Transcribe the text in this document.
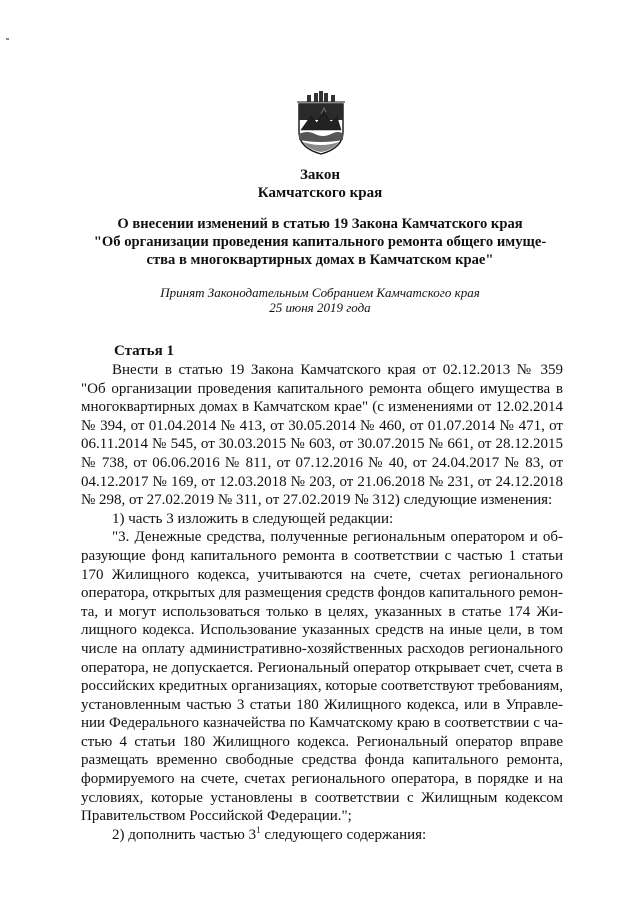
Закон
Камчатского края
О внесении изменений в статью 19 Закона Камчатского края
"Об организации проведения капитального ремонта общего имуще-
ства в многоквартирных домах в Камчатском крае"
Принят Законодательным Собранием Камчатского края
25 июня 2019 года
Статья 1
Внести в статью 19 Закона Камчатского края от 02.12.2013 № 359
"Об организации проведения капитального ремонта общего имущества в
многоквартирных домах в Камчатском крае" (с изменениями от 12.02.2014
№ 394, от 01.04.2014 № 413, от 30.05.2014 № 460, от 01.07.2014 № 471, от
06.11.2014 № 545, от 30.03.2015 № 603, от 30.07.2015 № 661, от 28.12.2015
№ 738, от 06.06.2016 № 811, от 07.12.2016 № 40, от 24.04.2017 № 83, от
04.12.2017 № 169, от 12.03.2018 № 203, от 21.06.2018 № 231, от 24.12.2018
№ 298, от 27.02.2019 № 311, от 27.02.2019 № 312) следующие изменения:
1) часть 3 изложить в следующей редакции:
"3. Денежные средства, полученные региональным оператором и об-
разующие фонд капитального ремонта в соответствии с частью 1 статьи
170 Жилищного кодекса, учитываются на счете, счетах регионального
оператора, открытых для размещения средств фондов капитального ремон-
та, и могут использоваться только в целях, указанных в статье 174 Жи-
лищного кодекса. Использование указанных средств на иные цели, в том
числе на оплату административно-хозяйственных расходов регионального
оператора, не допускается. Региональный оператор открывает счет, счета в
российских кредитных организациях, которые соответствуют требованиям,
установленным частью 3 статьи 180 Жилищного кодекса, или в Управле-
нии Федерального казначейства по Камчатскому краю в соответствии с ча-
стью 4 статьи 180 Жилищного кодекса. Региональный оператор вправе
размещать временно свободные средства фонда капитального ремонта,
формируемого на счете, счетах регионального оператора, в порядке и на
условиях, которые установлены в соответствии с Жилищным кодексом
Правительством Российской Федерации.";
2) дополнить частью $3^1$ следующего содержания:
